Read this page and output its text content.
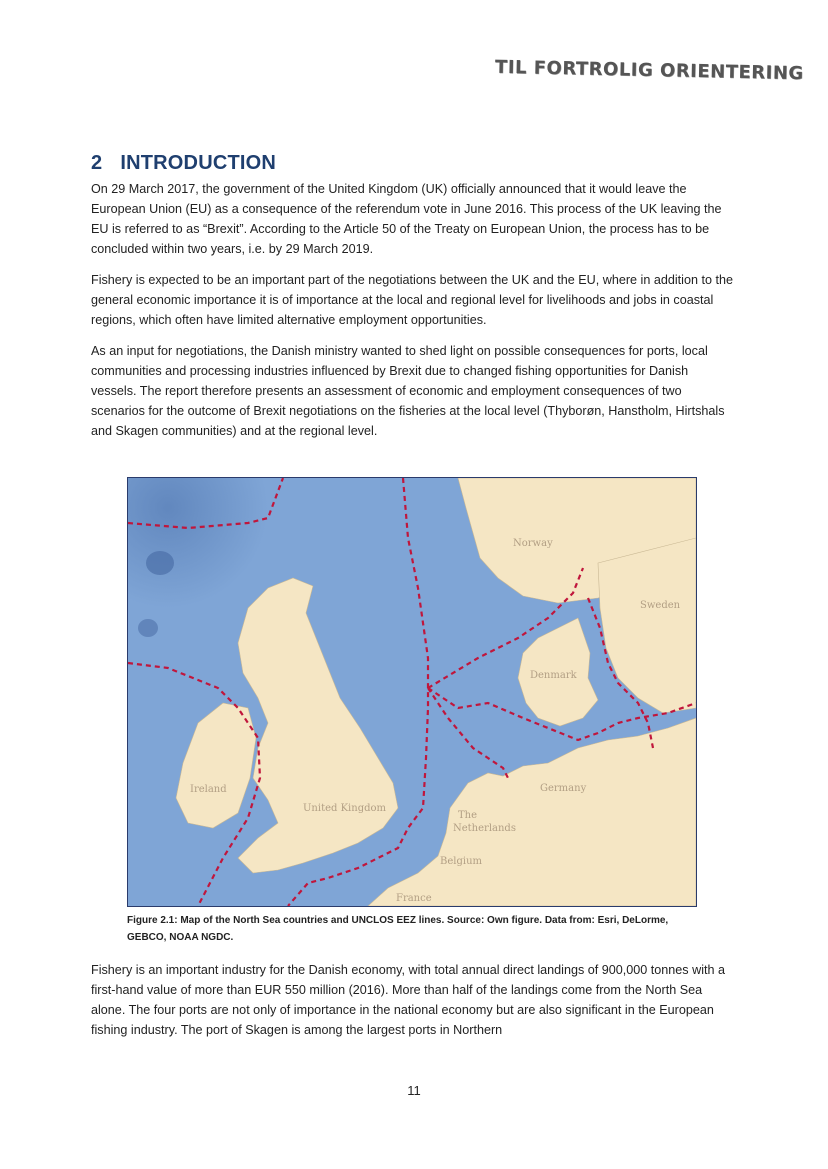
TIL FORTROLIG ORIENTERING
2 INTRODUCTION

On 29 March 2017, the government of the United Kingdom (UK) officially announced that it would leave the European Union (EU) as a consequence of the referendum vote in June 2016. This process of the UK leaving the EU is referred to as “Brexit”. According to the Article 50 of the Treaty on European Union, the process has to be concluded within two years, i.e. by 29 March 2019.

Fishery is expected to be an important part of the negotiations between the UK and the EU, where in addition to the general economic importance it is of importance at the local and regional level for livelihoods and jobs in coastal regions, which often have limited alternative employment opportunities.

As an input for negotiations, the Danish ministry wanted to shed light on possible consequences for ports, local communities and processing industries influenced by Brexit due to changed fishing opportunities for Danish vessels. The report therefore presents an assessment of economic and employment consequences of two scenarios for the outcome of Brexit negotiations on the fisheries at the local level (Thyborøn, Hanstholm, Hirtshals and Skagen communities) and at the regional level.

Norway
Sweden
Denmark
Ireland
United Kingdom
Germany
The
Netherlands
Belgium
France
Figure 2.1: Map of the North Sea countries and UNCLOS EEZ lines. Source: Own figure. Data from: Esri, DeLorme, GEBCO, NOAA NGDC.

Fishery is an important industry for the Danish economy, with total annual direct landings of 900,000 tonnes with a first-hand value of more than EUR 550 million (2016). More than half of the landings come from the North Sea alone. The four ports are not only of importance in the national economy but are also significant in the European fishing industry. The port of Skagen is among the largest ports in Northern

11
